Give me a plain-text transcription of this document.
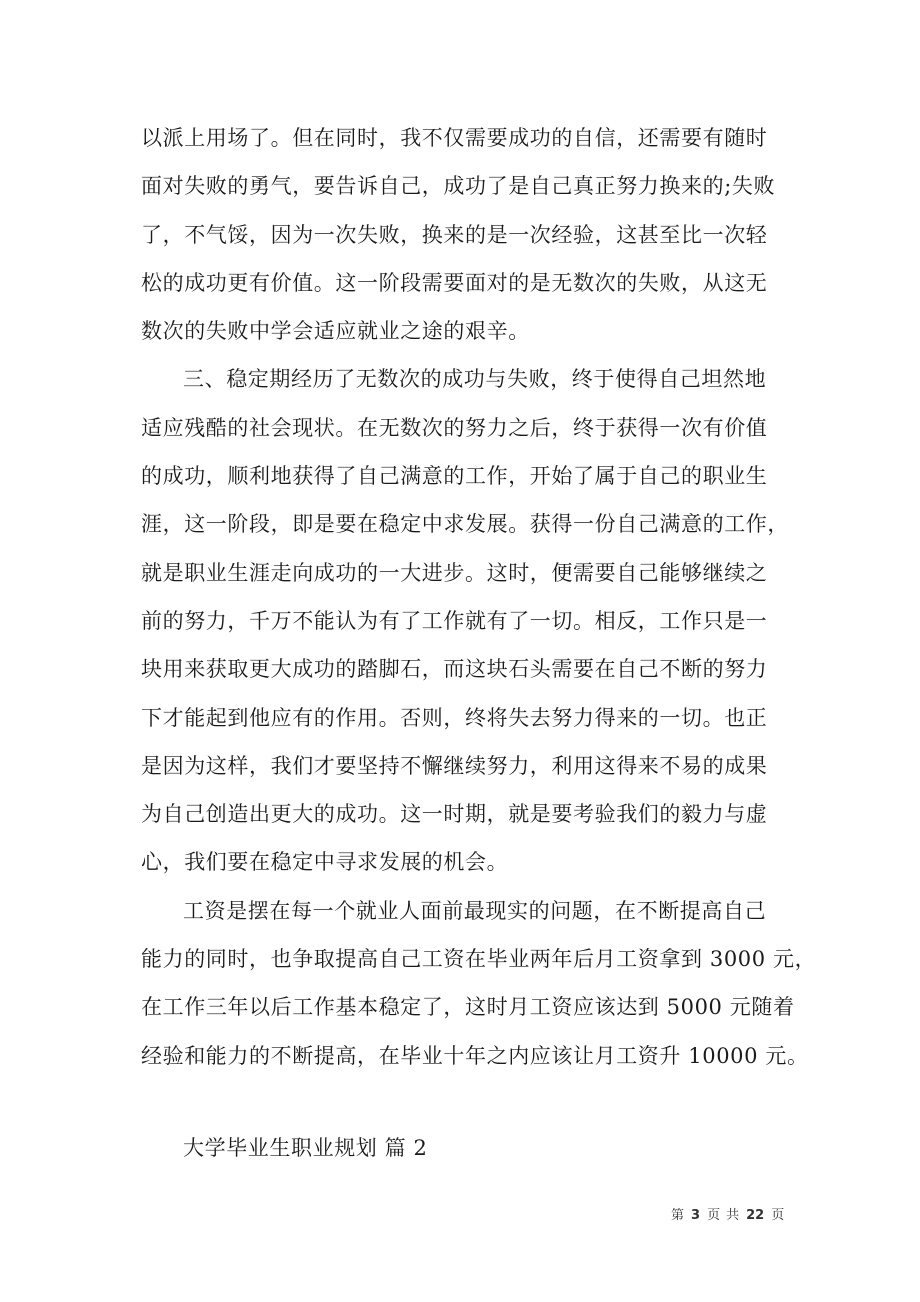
以派上用场了。但在同时，我不仅需要成功的自信，还需要有随时
面对失败的勇气，要告诉自己，成功了是自己真正努力换来的;失败
了，不气馁，因为一次失败，换来的是一次经验，这甚至比一次轻
松的成功更有价值。这一阶段需要面对的是无数次的失败，从这无
数次的失败中学会适应就业之途的艰辛。
三、稳定期经历了无数次的成功与失败，终于使得自己坦然地
适应残酷的社会现状。在无数次的努力之后，终于获得一次有价值
的成功，顺利地获得了自己满意的工作，开始了属于自己的职业生
涯，这一阶段，即是要在稳定中求发展。获得一份自己满意的工作，
就是职业生涯走向成功的一大进步。这时，便需要自己能够继续之
前的努力，千万不能认为有了工作就有了一切。相反，工作只是一
块用来获取更大成功的踏脚石，而这块石头需要在自己不断的努力
下才能起到他应有的作用。否则，终将失去努力得来的一切。也正
是因为这样，我们才要坚持不懈继续努力，利用这得来不易的成果
为自己创造出更大的成功。这一时期，就是要考验我们的毅力与虚
心，我们要在稳定中寻求发展的机会。
工资是摆在每一个就业人面前最现实的问题，在不断提高自己
能力的同时，也争取提高自己工资在毕业两年后月工资拿到 3000 元，
在工作三年以后工作基本稳定了，这时月工资应该达到 5000 元随着
经验和能力的不断提高，在毕业十年之内应该让月工资升 10000 元。
大学毕业生职业规划 篇 2
第 3 页 共 22 页
